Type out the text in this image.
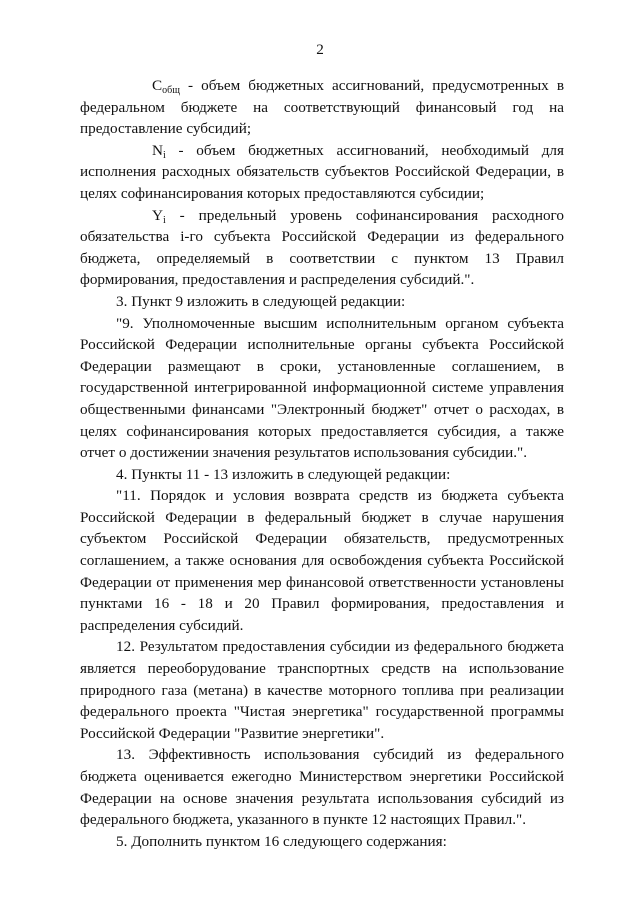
2

$C_{общ}$ - объем бюджетных ассигнований, предусмотренных в федеральном бюджете на соответствующий финансовый год на предоставление субсидий;

$N_i$ - объем бюджетных ассигнований, необходимый для исполнения расходных обязательств субъектов Российской Федерации, в целях софинансирования которых предоставляются субсидии;

$Y_i$ - предельный уровень софинансирования расходного обязательства i-го субъекта Российской Федерации из федерального бюджета, определяемый в соответствии с пунктом 13 Правил формирования, предоставления и распределения субсидий.".

3. Пункт 9 изложить в следующей редакции:

"9. Уполномоченные высшим исполнительным органом субъекта Российской Федерации исполнительные органы субъекта Российской Федерации размещают в сроки, установленные соглашением, в государственной интегрированной информационной системе управления общественными финансами "Электронный бюджет" отчет о расходах, в целях софинансирования которых предоставляется субсидия, а также отчет о достижении значения результатов использования субсидии.".

4. Пункты 11 - 13 изложить в следующей редакции:

"11. Порядок и условия возврата средств из бюджета субъекта Российской Федерации в федеральный бюджет в случае нарушения субъектом Российской Федерации обязательств, предусмотренных соглашением, а также основания для освобождения субъекта Российской Федерации от применения мер финансовой ответственности установлены пунктами 16 - 18 и 20 Правил формирования, предоставления и распределения субсидий.

12. Результатом предоставления субсидии из федерального бюджета является переоборудование транспортных средств на использование природного газа (метана) в качестве моторного топлива при реализации федерального проекта "Чистая энергетика" государственной программы Российской Федерации "Развитие энергетики".

13. Эффективность использования субсидий из федерального бюджета оценивается ежегодно Министерством энергетики Российской Федерации на основе значения результата использования субсидий из федерального бюджета, указанного в пункте 12 настоящих Правил.".

5. Дополнить пунктом 16 следующего содержания:
